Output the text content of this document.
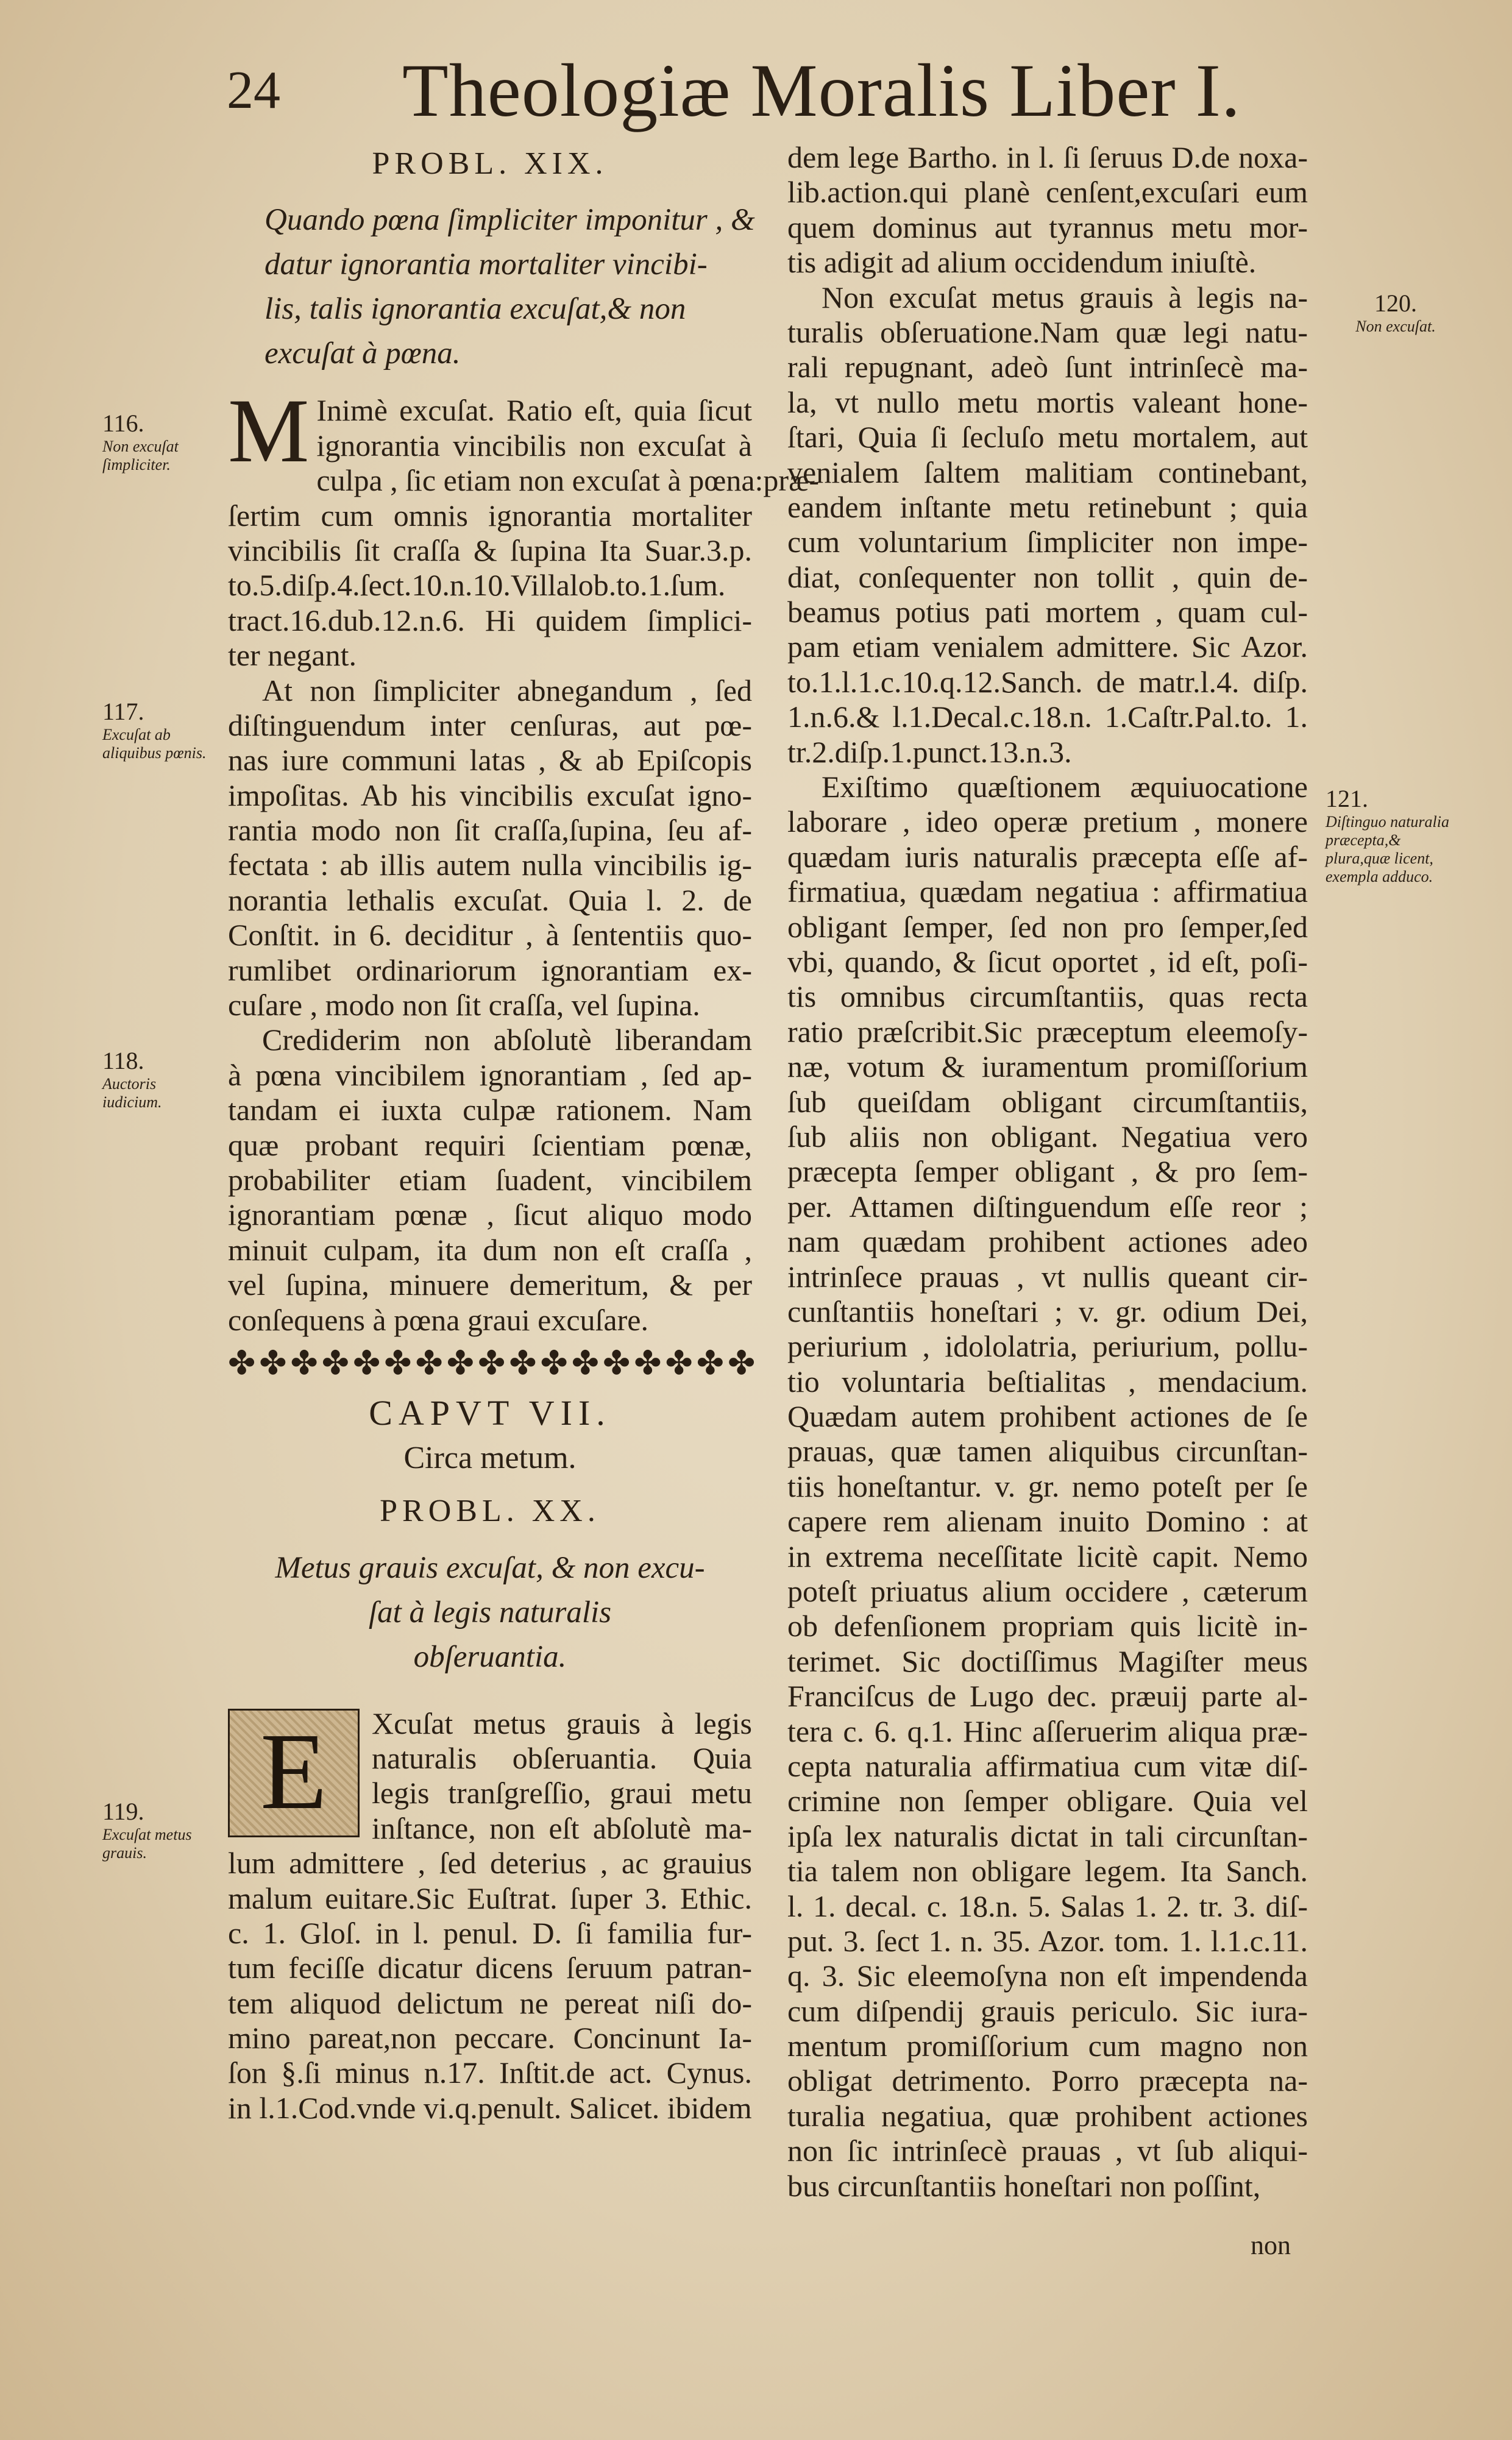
24 Theologiæ Moralis Liber I.
PROBL. XIX.
Quando pœna ſimpliciter imponitur , &
datur ignorantia mortaliter vincibi-
lis, talis ignorantia excuſat,& non
excuſat à pœna.
M Inimè excuſat. Ratio eſt, quia ſicut
ignorantia vincibilis non excuſat à
culpa , ſic etiam non excuſat à pœna:præ-
ſertim cum omnis ignorantia mortaliter
vincibilis ſit craſſa & ſupina Ita Suar.3.p.
to.5.diſp.4.ſect.10.n.10.Villalob.to.1.ſum.
tract.16.dub.12.n.6. Hi quidem ſimplici-
ter negant.
At non ſimpliciter abnegandum , ſed
diſtinguendum inter cenſuras, aut pœ-
nas iure communi latas , & ab Epiſcopis
impoſitas. Ab his vincibilis excuſat igno-
rantia modo non ſit craſſa,ſupina, ſeu af-
fectata : ab illis autem nulla vincibilis ig-
norantia lethalis excuſat. Quia l. 2. de
Conſtit. in 6. deciditur , à ſententiis quo-
rumlibet ordinariorum ignorantiam ex-
cuſare , modo non ſit craſſa, vel ſupina.
Crediderim non abſolutè liberandam
à pœna vincibilem ignorantiam , ſed ap-
tandam ei iuxta culpæ rationem. Nam
quæ probant requiri ſcientiam pœnæ,
probabiliter etiam ſuadent, vincibilem
ignorantiam pœnæ , ſicut aliquo modo
minuit culpam, ita dum non eſt craſſa ,
vel ſupina, minuere demeritum, & per
conſequens à pœna graui excuſare.
✤✤✤✤✤✤✤✤✤✤✤✤✤✤✤✤✤
CAPVT VII.
Circa metum.
PROBL. XX.
Metus grauis excuſat, & non excu-
ſat à legis naturalis
obſeruantia.
E	Xcuſat metus grauis à legis
naturalis obſeruantia. Quia
legis tranſgreſſio, graui metu
inſtance, non eſt abſolutè ma-
lum admittere , ſed deterius , ac grauius
malum euitare.Sic Euſtrat. ſuper 3. Ethic.
c. 1. Gloſ. in l. penul. D. ſi familia fur-
tum feciſſe dicatur dicens ſeruum patran-
tem aliquod delictum ne pereat niſi do-
mino pareat,non peccare. Concinunt Ia-
ſon §.ſi minus n.17. Inſtit.de act. Cynus.
in l.1.Cod.vnde vi.q.penult. Salicet. ibidem
dem lege Bartho. in l. ſi ſeruus D.de noxa-
lib.action.qui planè cenſent,excuſari eum
quem dominus aut tyrannus metu mor-
tis adigit ad alium occidendum iniuſtè.
Non excuſat metus grauis à legis na-
turalis obſeruatione.Nam quæ legi natu-
rali repugnant, adeò ſunt intrinſecè ma-
la, vt nullo metu mortis valeant hone-
ſtari, Quia ſi ſecluſo metu mortalem, aut
venialem ſaltem malitiam continebant,
eandem inſtante metu retinebunt ; quia
cum voluntarium ſimpliciter non impe-
diat, conſequenter non tollit , quin de-
beamus potius pati mortem , quam cul-
pam etiam venialem admittere. Sic Azor.
to.1.l.1.c.10.q.12.Sanch. de matr.l.4. diſp.
1.n.6.& l.1.Decal.c.18.n. 1.Caſtr.Pal.to. 1.
tr.2.diſp.1.punct.13.n.3.
Exiſtimo quæſtionem æquiuocatione
laborare , ideo operæ pretium , monere
quædam iuris naturalis præcepta eſſe af-
firmatiua, quædam negatiua : affirmatiua
obligant ſemper, ſed non pro ſemper,ſed
vbi, quando, & ſicut oportet , id eſt, poſi-
tis omnibus circumſtantiis, quas recta
ratio præſcribit.Sic præceptum eleemoſy-
næ, votum & iuramentum promiſſorium
ſub queiſdam obligant circumſtantiis,
ſub aliis non obligant. Negatiua vero
præcepta ſemper obligant , & pro ſem-
per. Attamen diſtinguendum eſſe reor ;
nam quædam prohibent actiones adeo
intrinſece prauas , vt nullis queant cir-
cunſtantiis honeſtari ; v. gr. odium Dei,
periurium , idololatria, periurium, pollu-
tio voluntaria beſtialitas , mendacium.
Quædam autem prohibent actiones de ſe
prauas, quæ tamen aliquibus circunſtan-
tiis honeſtantur. v. gr. nemo poteſt per ſe
capere rem alienam inuito Domino : at
in extrema neceſſitate licitè capit. Nemo
poteſt priuatus alium occidere , cæterum
ob defenſionem propriam quis licitè in-
terimet. Sic doctiſſimus Magiſter meus
Franciſcus de Lugo dec. præuij parte al-
tera c. 6. q.1. Hinc aſſeruerim aliqua præ-
cepta naturalia affirmatiua cum vitæ diſ-
crimine non ſemper obligare. Quia vel
ipſa lex naturalis dictat in tali circunſtan-
tia talem non obligare legem. Ita Sanch.
l. 1. decal. c. 18.n. 5. Salas 1. 2. tr. 3. diſ-
put. 3. ſect 1. n. 35. Azor. tom. 1. l.1.c.11.
q. 3. Sic eleemoſyna non eſt impendenda
cum diſpendij grauis periculo. Sic iura-
mentum promiſſorium cum magno non
obligat detrimento. Porro præcepta na-
turalia negatiua, quæ prohibent actiones
non ſic intrinſecè prauas , vt ſub aliqui-
bus circunſtantiis honeſtari non poſſint,
non
116.
Non excuſat ſimpliciter.
117.
Excuſat ab aliquibus pœnis.
118.
Auctoris iudicium.
119.
Excuſat metus grauis.
120.
Non excuſat.
121.
Diſtinguo naturalia præcepta,& plura,quæ licent, exempla adduco.
